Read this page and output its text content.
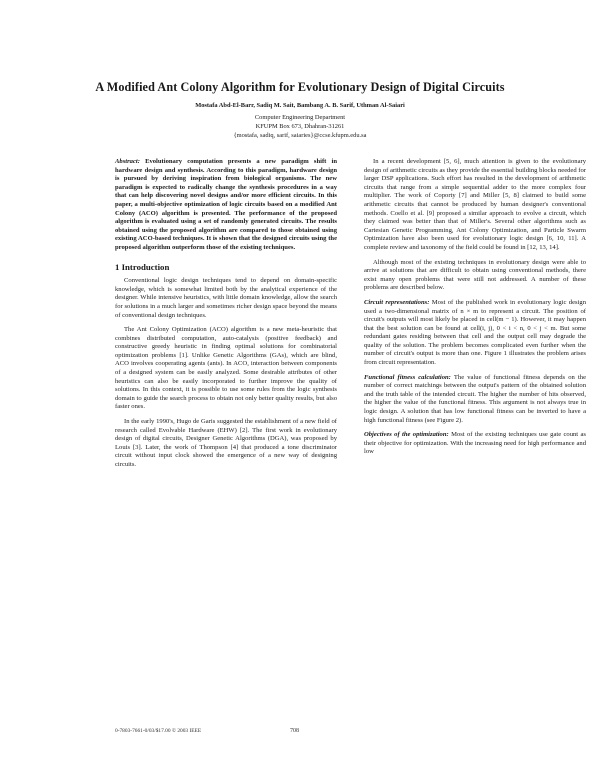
A Modified Ant Colony Algorithm for Evolutionary Design of Digital Circuits
Mostafa Abd-El-Barr, Sadiq M. Sait, Bambang A. B. Sarif, Uthman Al-Saiari
Computer Engineering Department
KFUPM Box 673, Dhahran-31261
{mostafa, sadiq, sarif, saiaries}@ccse.kfupm.edu.sa

Abstract: Evolutionary computation presents a new paradigm shift in hardware design and synthesis. According to this paradigm, hardware design is pursued by deriving inspiration from biological organisms. The new paradigm is expected to radically change the synthesis procedures in a way that can help discovering novel designs and/or more efficient circuits. In this paper, a multi-objective optimization of logic circuits based on a modified Ant Colony (ACO) algorithm is presented. The performance of the proposed algorithm is evaluated using a set of randomly generated circuits. The results obtained using the proposed algorithm are compared to those obtained using existing ACO-based techniques. It is shown that the designed circuits using the proposed algorithm outperform those of the existing techniques.

1 Introduction

Conventional logic design techniques tend to depend on domain-specific knowledge, which is somewhat limited both by the analytical experience of the designer. While intensive heuristics, with little domain knowledge, allow the search for solutions in a much larger and sometimes richer design space beyond the means of conventional design techniques.

The Ant Colony Optimization (ACO) algorithm is a new meta-heuristic that combines distributed computation, auto-catalysis (positive feedback) and constructive greedy heuristic in finding optimal solutions for combinatorial optimization problems [1]. Unlike Genetic Algorithms (GAs), which are blind, ACO involves cooperating agents (ants). In ACO, interaction between components of a designed system can be easily analyzed. Some desirable attributes of other heuristics can also be easily incorporated to further improve the quality of solutions. In this context, it is possible to use some rules from the logic synthesis domain to guide the search process to obtain not only better quality results, but also faster ones.

In the early 1990's, Hugo de Garis suggested the establishment of a new field of research called Evolvable Hardware (EHW) [2]. The first work in evolutionary design of digital circuits, Designer Genetic Algorithms (DGA), was proposed by Louis [3]. Later, the work of Thompson [4] that produced a tone discriminator circuit without input clock showed the emergence of a new way of designing circuits.

In a recent development [5, 6], much attention is given to the evolutionary design of arithmetic circuits as they provide the essential building blocks needed for larger DSP applications. Such effort has resulted in the development of arithmetic circuits that range from a simple sequential adder to the more complex four multiplier. The work of Coporty [7] and Miller [5, 8] claimed to build some arithmetic circuits that cannot be produced by human designer's conventional methods. Coello et al. [9] proposed a similar approach to evolve a circuit, which they claimed was better than that of Miller's. Several other algorithms such as Cartesian Genetic Programming, Ant Colony Optimization, and Particle Swarm Optimization have also been used for evolutionary logic design [6, 10, 11]. A complete review and taxonomy of the field could be found in [12, 13, 14].

Although most of the existing techniques in evolutionary design were able to arrive at solutions that are difficult to obtain using conventional methods, there exist many open problems that were still not addressed. A number of these problems are described below.

Circuit representations: Most of the published work in evolutionary logic design used a two-dimensional matrix of n × m to represent a circuit. The position of circuit's outputs will most likely be placed in cell(m − 1). However, it may happen that the best solution can be found at cell(i, j), 0 < i < n, 0 < j < m. But some redundant gates residing between that cell and the output cell may degrade the quality of the solution. The problem becomes complicated even further when the number of circuit's output is more than one. Figure 1 illustrates the problem arises from circuit representation.

Functional fitness calculation: The value of functional fitness depends on the number of correct matchings between the output's pattern of the obtained solution and the truth table of the intended circuit. The higher the number of hits observed, the higher the value of the functional fitness. This argument is not always true in logic design. A solution that has low functional fitness can be inverted to have a high functional fitness (see Figure 2).

Objectives of the optimization: Most of the existing techniques use gate count as their objective for optimization. With the increasing need for high performance and low

0-7803-7661-0/03/$17.00 © 2003 IEEE	708
